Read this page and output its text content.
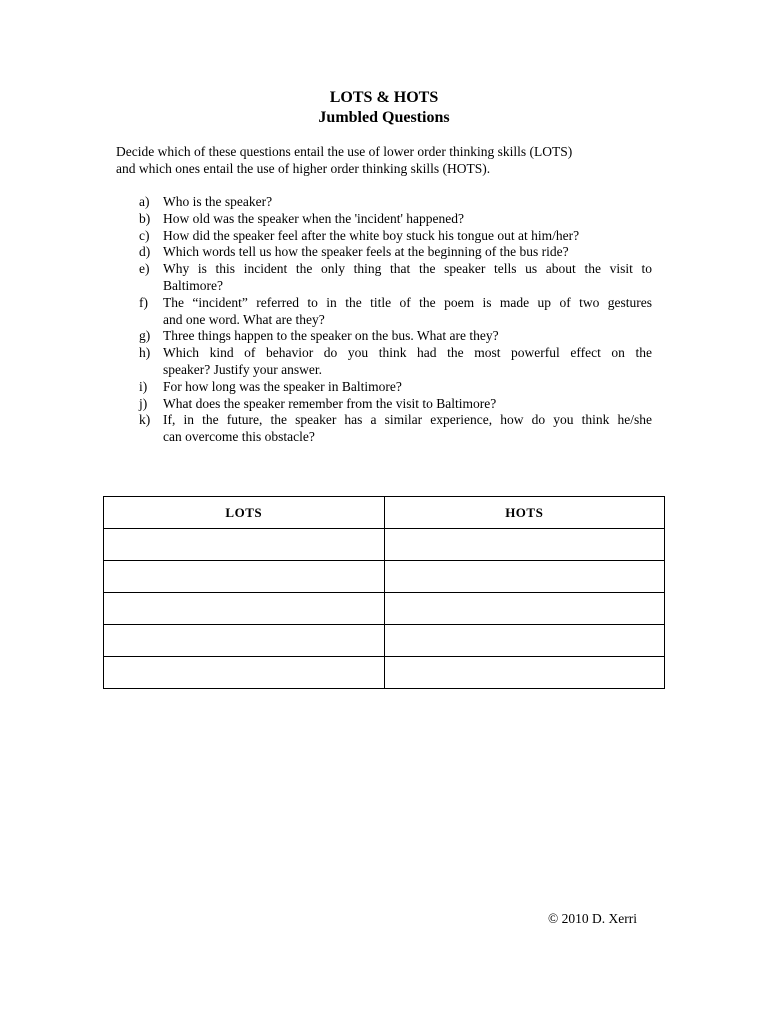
LOTS & HOTS
Jumbled Questions
Decide which of these questions entail the use of lower order thinking skills (LOTS)
and which ones entail the use of higher order thinking skills (HOTS).
a)	Who is the speaker?
b) How old was the speaker when the 'incident' happened?
c)	How did the speaker feel after the white boy stuck his tongue out at him/her?
d) Which words tell us how the speaker feels at the beginning of the bus ride?
e)	Why is this incident the only thing that the speaker tells us about the visit to
Baltimore?
f)	The “incident” referred to in the title of the poem is made up of two gestures
and one word. What are they?
g) Three things happen to the speaker on the bus. What are they?
h) Which kind of behavior do you think had the most powerful effect on the
speaker? Justify your answer.
i)	For how long was the speaker in Baltimore?
j)	What does the speaker remember from the visit to Baltimore?
k) If, in the future, the speaker has a similar experience, how do you think he/she
can overcome this obstacle?
LOTS	HOTS

© 2010 D. Xerri
